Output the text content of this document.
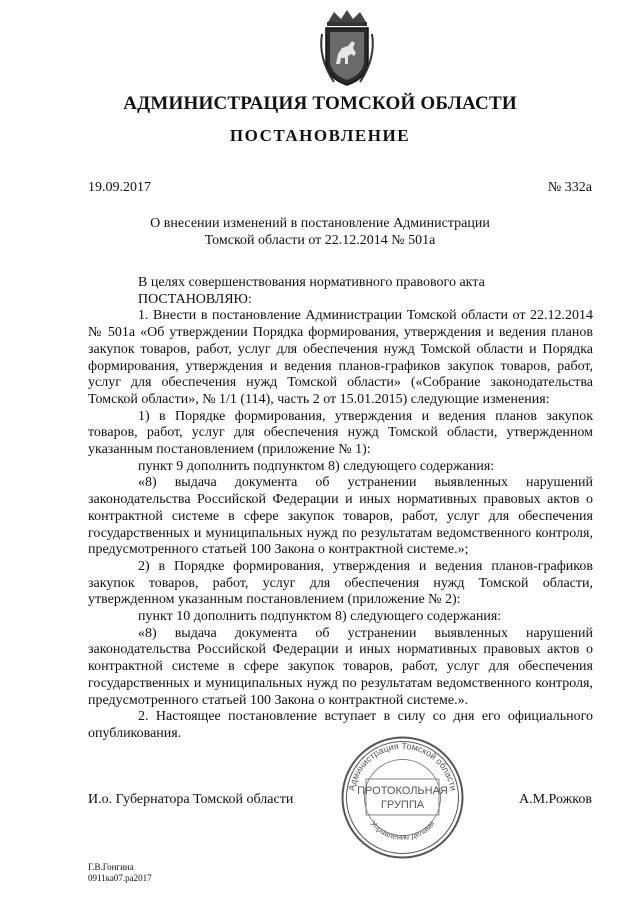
АДМИНИСТРАЦИЯ ТОМСКОЙ ОБЛАСТИ
ПОСТАНОВЛЕНИЕ
19.09.2017	№ 332а
О внесении изменений в постановление Администрации
Томской области от 22.12.2014 № 501а

В целях совершенствования нормативного правового акта

ПОСТАНОВЛЯЮ:

1. Внести в постановление Администрации Томской области от 22.12.2014 № 501а «Об утверждении Порядка формирования, утверждения и ведения планов закупок товаров, работ, услуг для обеспечения нужд Томской области и Порядка формирования, утверждения и ведения планов-графиков закупок товаров, работ, услуг для обеспечения нужд Томской области» («Собрание законодательства Томской области», № 1/1 (114), часть 2 от 15.01.2015) следующие изменения:

1) в Порядке формирования, утверждения и ведения планов закупок товаров, работ, услуг для обеспечения нужд Томской области, утвержденном указанным постановлением (приложение № 1):

пункт 9 дополнить подпунктом 8) следующего содержания:

«8) выдача документа об устранении выявленных нарушений законодательства Российской Федерации и иных нормативных правовых актов о контрактной системе в сфере закупок товаров, работ, услуг для обеспечения государственных и муниципальных нужд по результатам ведомственного контроля, предусмотренного статьей 100 Закона о контрактной системе.»;

2) в Порядке формирования, утверждения и ведения планов-графиков закупок товаров, работ, услуг для обеспечения нужд Томской области, утвержденном указанным постановлением (приложение № 2):

пункт 10 дополнить подпунктом 8) следующего содержания:

«8) выдача документа об устранении выявленных нарушений законодательства Российской Федерации и иных нормативных правовых актов о контрактной системе в сфере закупок товаров, работ, услуг для обеспечения государственных и муниципальных нужд по результатам ведомственного контроля, предусмотренного статьей 100 Закона о контрактной системе.».

2. Настоящее постановление вступает в силу со дня его официального опубликования.

Администрация Томской области
Управление делами
ПРОТОКОЛЬНАЯ
ГРУППА
И.о. Губернатора Томской области	А.М.Рожков
Г.В.Гонгина
0911ка07.ра2017
